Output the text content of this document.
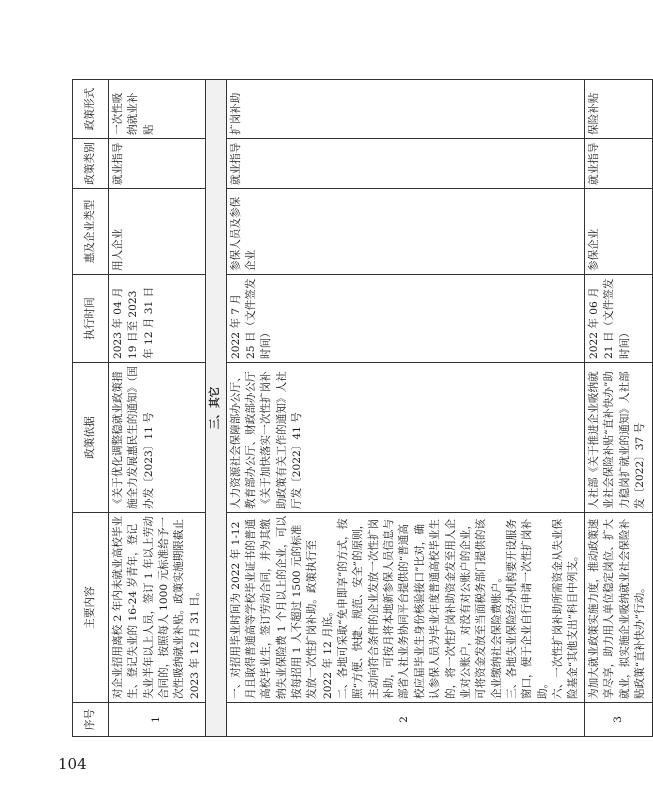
序号	主要内容	政策依据	执行时间	惠及企业类型	政策类别	政策形式
1	对企业招用离校 2 年内未就业高校毕业生、登记失业的 16-24 岁青年，登记失业半年以上人员，签订 1 年以上劳动合同的，按照每人 1000 元标准给予一次性吸纳就业补贴。政策实施期限截止 2023 年 12 月 31 日。	《关于优化调整稳就业政策措施全力发展惠民生的通知》（国办发〔2023〕11 号	2023 年 04 月 19 日至 2023 年 12 月 31 日	用人企业	就业指导	一次性吸纳就业补贴
三、其它						
2	一、对招用毕业时间为 2022 年 1-12 月且取得普通高等学校毕业证书的普通高校毕业生，签订劳动合同，并为其缴纳失业保险费 1 个月以上的企业，可以按每招用 1 人不超过 1500 元的标准发放一次性扩岗补助。政策执行至 2022 年 12 月底。 二、各地可采取“免申即享”的方式，按照“方便、快捷、规范、安全”的原则，主动向符合条件的企业发放一次性扩岗补助，可按月将本地新参保人员信息与部省人社业务协同平台提供的“普通高校应届毕业生身份核验接口”比对，确认参保人员为毕业年度普通高校毕业生的，将一次性扩岗补助资金发至用人企业对公账户，对没有对公账户的企业，可将资金发放至当面税务部门提供的该企业缴纳社会保险费账户。 三、各地失业保险经办机构要开设服务窗口，便于企业自行申请一次性扩岗补助。 六、一次性扩岗补助所需资金从失业保险基金“其他支出”科目中列支。	人力资源社会保障部办公厅、教育部办公厅、财政部办公厅《关于加快落实一次性扩岗补助政策有关工作的通知》人社厅发〔2022〕41 号	2022 年 7 月 25 日（文件签发时间）	参保人员及参保企业	就业指导	扩岗补助
3	为加大就业政策实施力度，推动政策速享尽享，助力用人单位稳定岗位、扩大就业，拟实施企业吸纳就业社会保险补贴政策“直补快办”行动。	人社部《关于推进企业吸纳就业社会保险补贴“直补快办”助力稳岗扩就业的通知》人社部发〔2022〕37 号	2022 年 06 月 21 日（文件签发时间）	参保企业	就业指导	保险补贴
104
